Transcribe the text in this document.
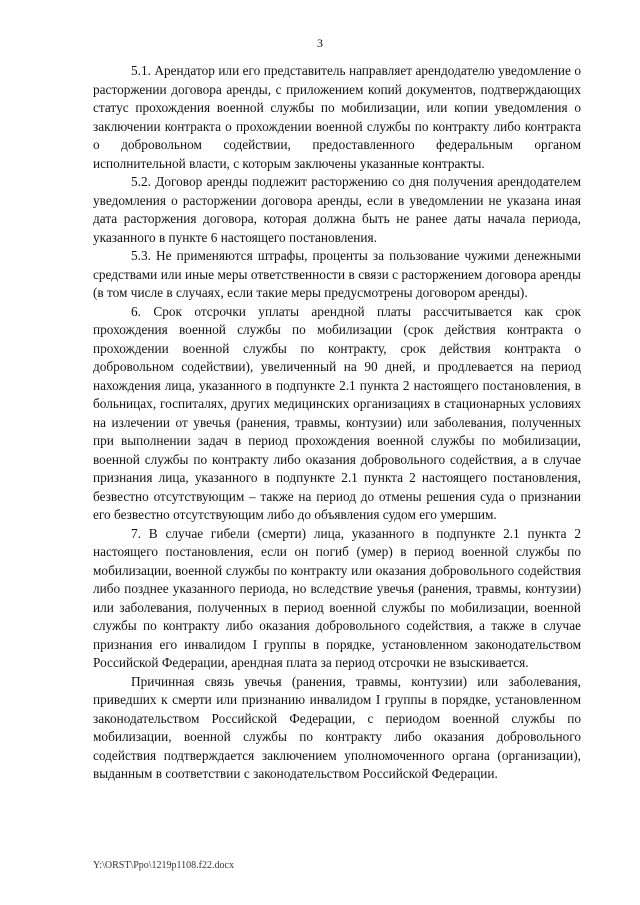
3

5.1. Арендатор или его представитель направляет арендодателю уведомление о расторжении договора аренды, с приложением копий документов, подтверждающих статус прохождения военной службы по мобилизации, или копии уведомления о заключении контракта о прохождении военной службы по контракту либо контракта о добровольном содействии, предоставленного федеральным органом исполнительной власти, с которым заключены указанные контракты.

5.2. Договор аренды подлежит расторжению со дня получения арендодателем уведомления о расторжении договора аренды, если в уведомлении не указана иная дата расторжения договора, которая должна быть не ранее даты начала периода, указанного в пункте 6 настоящего постановления.

5.3. Не применяются штрафы, проценты за пользование чужими денежными средствами или иные меры ответственности в связи с расторжением договора аренды (в том числе в случаях, если такие меры предусмотрены договором аренды).

6. Срок отсрочки уплаты арендной платы рассчитывается как срок прохождения военной службы по мобилизации (срок действия контракта о прохождении военной службы по контракту, срок действия контракта о добровольном содействии), увеличенный на 90 дней, и продлевается на период нахождения лица, указанного в подпункте 2.1 пункта 2 настоящего постановления, в больницах, госпиталях, других медицинских организациях в стационарных условиях на излечении от увечья (ранения, травмы, контузии) или заболевания, полученных при выполнении задач в период прохождения военной службы по мобилизации, военной службы по контракту либо оказания добровольного содействия, а в случае признания лица, указанного в подпункте 2.1 пункта 2 настоящего постановления, безвестно отсутствующим – также на период до отмены решения суда о признании его безвестно отсутствующим либо до объявления судом его умершим.

7. В случае гибели (смерти) лица, указанного в подпункте 2.1 пункта 2 настоящего постановления, если он погиб (умер) в период военной службы по мобилизации, военной службы по контракту или оказания добровольного содействия либо позднее указанного периода, но вследствие увечья (ранения, травмы, контузии) или заболевания, полученных в период военной службы по мобилизации, военной службы по контракту либо оказания добровольного содействия, а также в случае признания его инвалидом I группы в порядке, установленном законодательством Российской Федерации, арендная плата за период отсрочки не взыскивается.

Причинная связь увечья (ранения, травмы, контузии) или заболевания, приведших к смерти или признанию инвалидом I группы в порядке, установленном законодательством Российской Федерации, с периодом военной службы по мобилизации, военной службы по контракту либо оказания добровольного содействия подтверждается заключением уполномоченного органа (организации), выданным в соответствии с законодательством Российской Федерации.

Y:\ORST\Ppo\1219p1108.f22.docx
